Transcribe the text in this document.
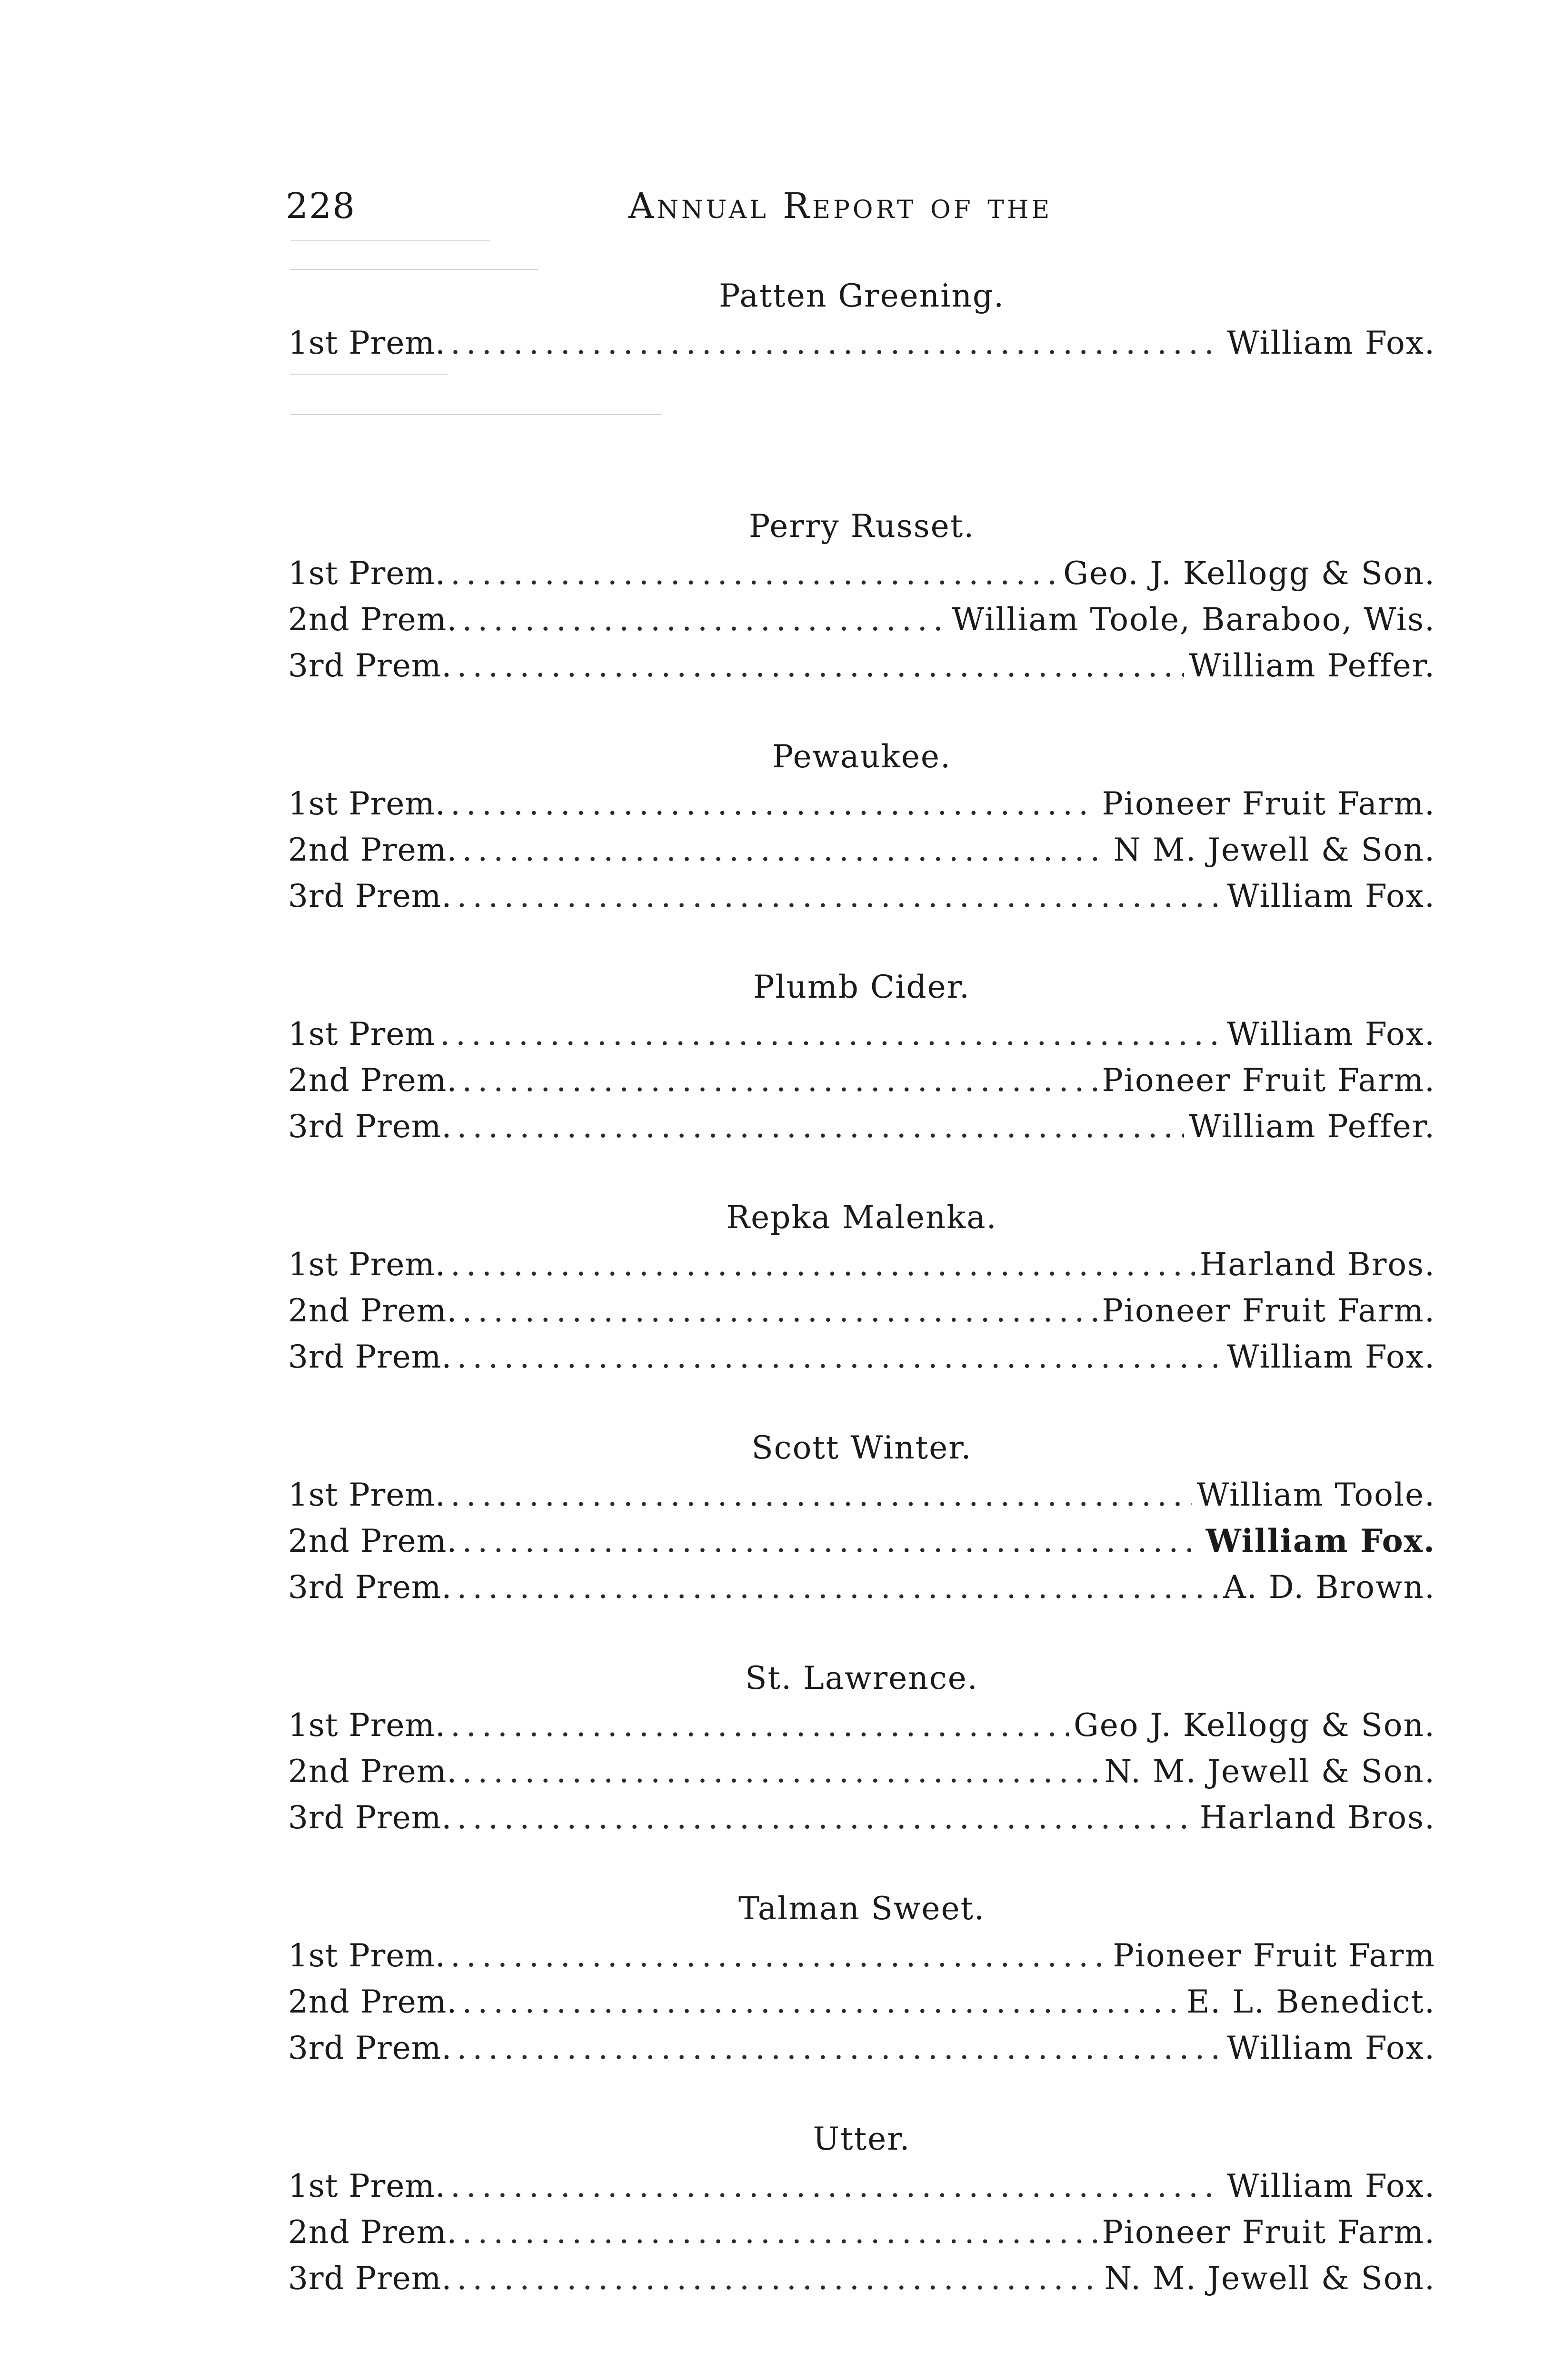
228	Annual Report of the
Patten Greening.
1st Prem. .....	William Fox.
Perry Russet.
1st Prem. .....	Geo. J. Kellogg & Son.
2nd Prem. .....	William Toole, Baraboo, Wis.
3rd Prem. .....	William Peffer.
Pewaukee.
1st Prem. .....	Pioneer Fruit Farm.
2nd Prem. .....	N M. Jewell & Son.
3rd Prem. .....	William Fox.
Plumb Cider.
1st Prem .....	William Fox.
2nd Prem. .....	Pioneer Fruit Farm.
3rd Prem. .....	William Peffer.
Repka Malenka.
1st Prem. .....	Harland Bros.
2nd Prem. .....	Pioneer Fruit Farm.
3rd Prem. .....	William Fox.
Scott Winter.
1st Prem. .....	William Toole.
2nd Prem. .....	William Fox.
3rd Prem. .....	A. D. Brown.
St. Lawrence.
1st Prem. .....	Geo J. Kellogg & Son.
2nd Prem. .....	N. M. Jewell & Son.
3rd Prem. .....	Harland Bros.
Talman Sweet.
1st Prem. .....	Pioneer Fruit Farm
2nd Prem. .....	E. L. Benedict.
3rd Prem. .....	William Fox.
Utter.
1st Prem. .....	William Fox.
2nd Prem. .....	Pioneer Fruit Farm.
3rd Prem. .....	N. M. Jewell & Son.
